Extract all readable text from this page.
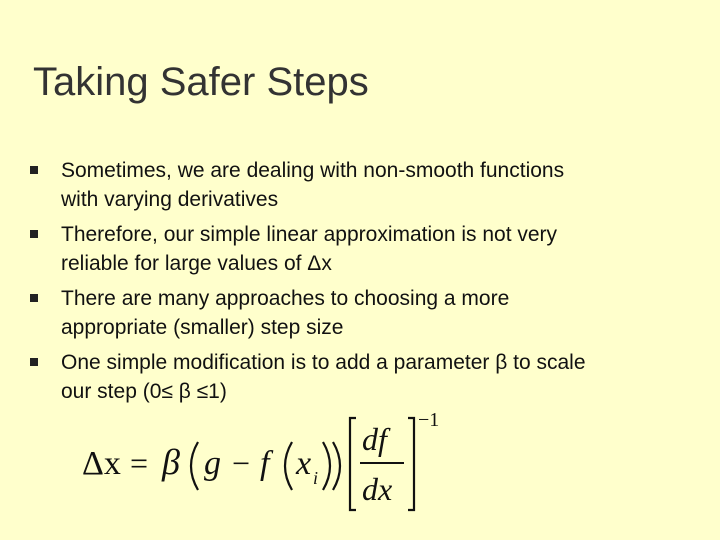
Taking Safer Steps
Sometimes, we are dealing with non-smooth functions
with varying derivatives
Therefore, our simple linear approximation is not very
reliable for large values of Δx
There are many approaches to choosing a more
appropriate (smaller) step size
One simple modification is to add a parameter β to scale
our step (0≤ β ≤1)
Δx = β g − f x i
df
dx
−1
